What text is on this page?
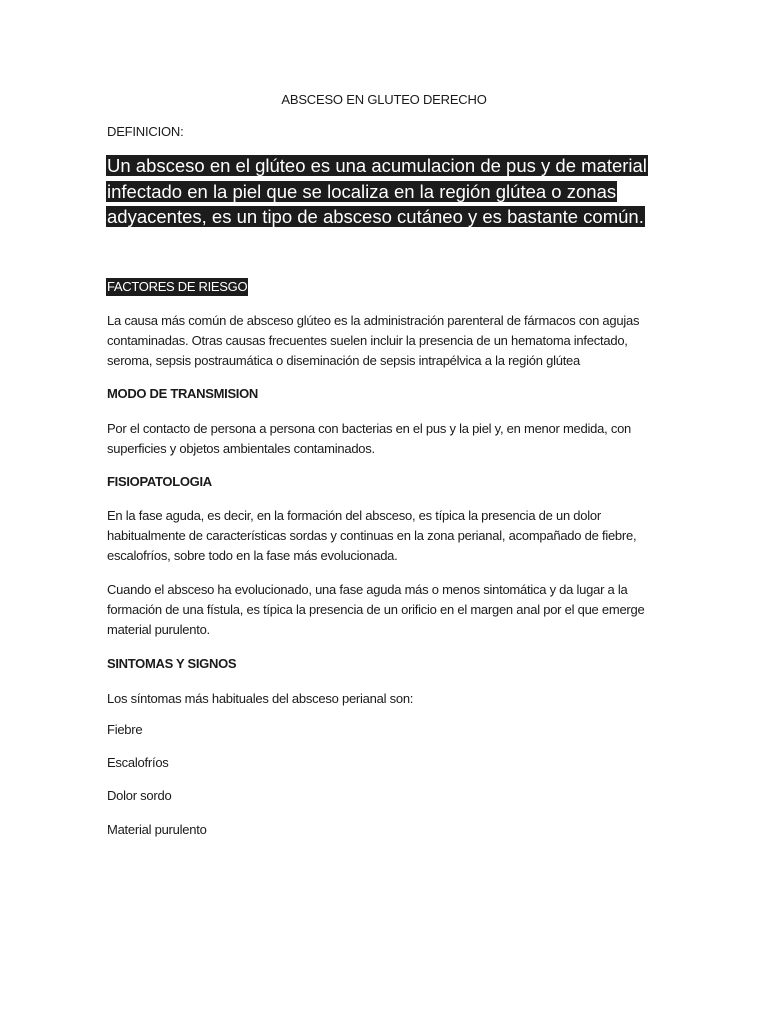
ABSCESO EN GLUTEO DERECHO
DEFINICION:
Un absceso en el glúteo es una acumulacion de pus y de material infectado en la piel que se localiza en la región glútea o zonas adyacentes, es un tipo de absceso cutáneo y es bastante común.
FACTORES DE RIESGO
La causa más común de absceso glúteo es la administración parenteral de fármacos con agujas contaminadas. Otras causas frecuentes suelen incluir la presencia de un hematoma infectado, seroma, sepsis postraumática o diseminación de sepsis intrapélvica a la región glútea
MODO DE TRANSMISION
Por el contacto de persona a persona con bacterias en el pus y la piel y, en menor medida, con superficies y objetos ambientales contaminados.
FISIOPATOLOGIA
En la fase aguda, es decir, en la formación del absceso, es típica la presencia de un dolor habitualmente de características sordas y continuas en la zona perianal, acompañado de fiebre, escalofríos, sobre todo en la fase más evolucionada.
Cuando el absceso ha evolucionado, una fase aguda más o menos sintomática y da lugar a la formación de una fístula, es típica la presencia de un orificio en el margen anal por el que emerge material purulento.
SINTOMAS Y SIGNOS
Los síntomas más habituales del absceso perianal son:
Fiebre
Escalofríos
Dolor sordo
Material purulento
